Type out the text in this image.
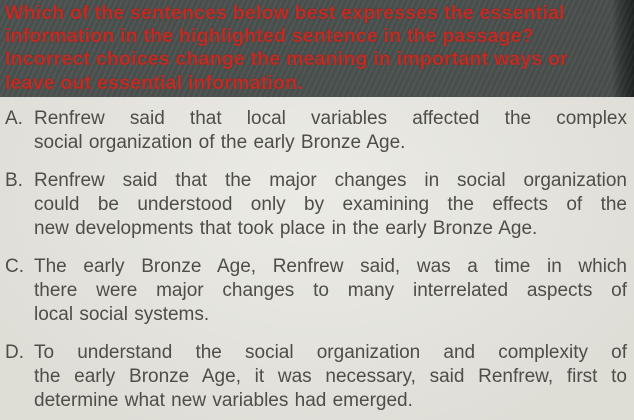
Which of the sentences below best expresses the essential
information in the highlighted sentence in the passage?
Incorrect choices change the meaning in important ways or
leave out essential information.
A. Renfrew said that local variables affected the complex
social organization of the early Bronze Age.
B. Renfrew said that the major changes in social organization
could be understood only by examining the effects of the
new developments that took place in the early Bronze Age.
C. The early Bronze Age, Renfrew said, was a time in which
there were major changes to many interrelated aspects of
local social systems.
D. To understand the social organization and complexity of
the early Bronze Age, it was necessary, said Renfrew, first to
determine what new variables had emerged.
